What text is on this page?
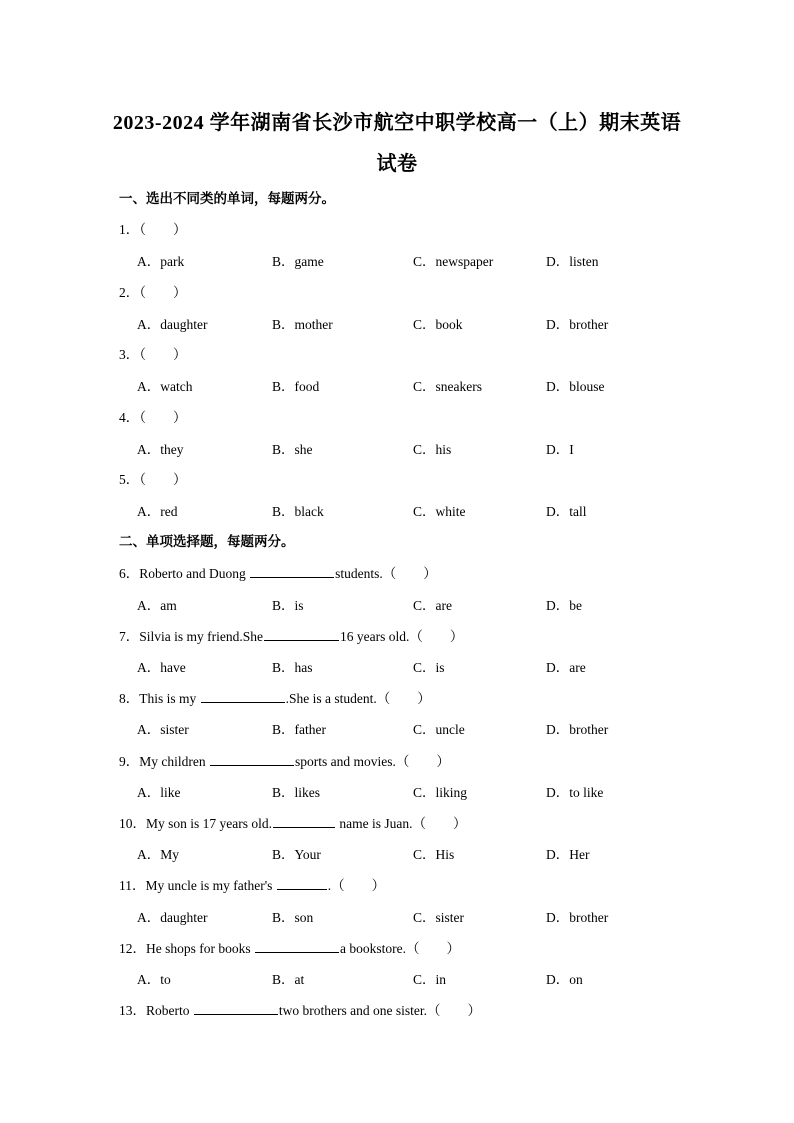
2023-2024 学年湖南省长沙市航空中职学校高一（上）期末英语
试卷
一、选出不同类的单词，每题两分。
1．（　　）
A．park	B．game	C．newspaper	D．listen
2．（　　）
A．daughter	B．mother	C．book	D．brother
3．（　　）
A．watch	B．food	C．sneakers	D．blouse
4．（　　）
A．they	B．she	C．his	D．I
5．（　　）
A．red	B．black	C．white	D．tall
二、单项选择题，每题两分。
6．Roberto and Duong	students.（　　）
A．am	B．is	C．are	D．be
7．Silvia is my friend.She	16 years old.（　　）
A．have	B．has	C．is	D．are
8．This is my	.She is a student.（　　）
A．sister	B．father	C．uncle	D．brother
9．My children	sports and movies.（　　）
A．like	B．likes	C．liking	D．to like
10．My son is 17 years old.	name is Juan.（　　）
A．My	B．Your	C．His	D．Her
11．My uncle is my father's	.（　　）
A．daughter	B．son	C．sister	D．brother
12．He shops for books	a bookstore.（　　）
A．to	B．at	C．in	D．on
13．Roberto	two brothers and one sister.（　　）
